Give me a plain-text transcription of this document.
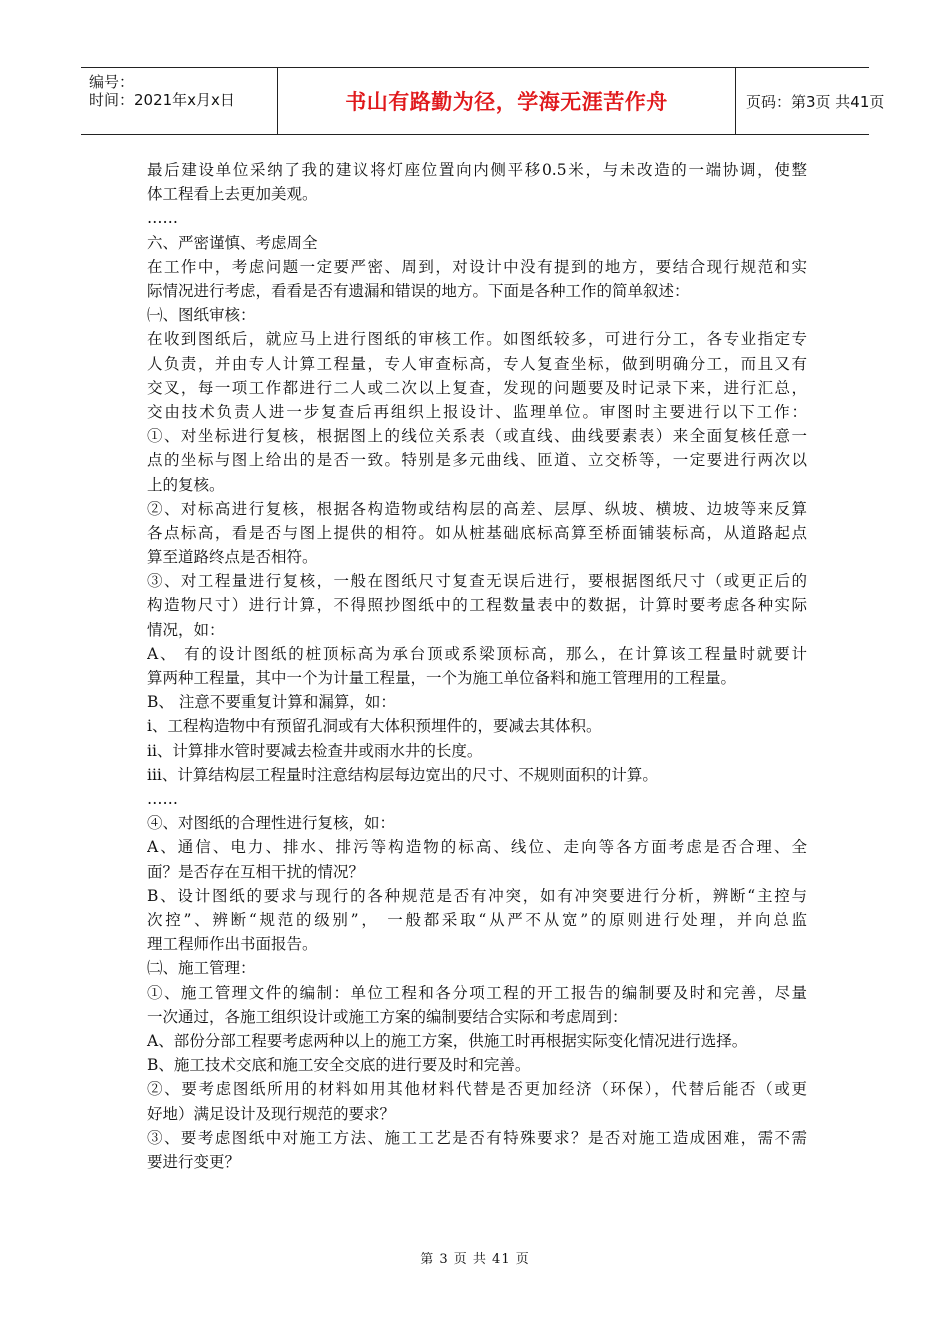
编号：
时间：2021年x月x日	书山有路勤为径，学海无涯苦作舟	页码：第3页 共41页
最后建设单位采纳了我的建议将灯座位置向内侧平移0.5米，与未改造的一端协调，使整
体工程看上去更加美观。
……
六、严密谨慎、考虑周全
在工作中，考虑问题一定要严密、周到，对设计中没有提到的地方，要结合现行规范和实
际情况进行考虑，看看是否有遗漏和错误的地方。下面是各种工作的简单叙述：
㈠、图纸审核：
在收到图纸后，就应马上进行图纸的审核工作。如图纸较多，可进行分工，各专业指定专
人负责，并由专人计算工程量，专人审查标高，专人复查坐标，做到明确分工，而且又有
交叉，每一项工作都进行二人或二次以上复查，发现的问题要及时记录下来，进行汇总，
交由技术负责人进一步复查后再组织上报设计、监理单位。审图时主要进行以下工作：
①、对坐标进行复核，根据图上的线位关系表（或直线、曲线要素表）来全面复核任意一
点的坐标与图上给出的是否一致。特别是多元曲线、匝道、立交桥等，一定要进行两次以
上的复核。
②、对标高进行复核，根据各构造物或结构层的高差、层厚、纵坡、横坡、边坡等来反算
各点标高，看是否与图上提供的相符。如从桩基础底标高算至桥面铺装标高，从道路起点
算至道路终点是否相符。
③、对工程量进行复核，一般在图纸尺寸复查无误后进行，要根据图纸尺寸（或更正后的
构造物尺寸）进行计算，不得照抄图纸中的工程数量表中的数据，计算时要考虑各种实际
情况，如：
A、 有的设计图纸的桩顶标高为承台顶或系梁顶标高，那么，在计算该工程量时就要计
算两种工程量，其中一个为计量工程量，一个为施工单位备料和施工管理用的工程量。
B、 注意不要重复计算和漏算，如：
i、工程构造物中有预留孔洞或有大体积预埋件的，要减去其体积。
ii、计算排水管时要减去检查井或雨水井的长度。
iii、计算结构层工程量时注意结构层每边宽出的尺寸、不规则面积的计算。
……
④、对图纸的合理性进行复核，如：
A、通信、电力、排水、排污等构造物的标高、线位、走向等各方面考虑是否合理、全
面？是否存在互相干扰的情况？
B、设计图纸的要求与现行的各种规范是否有冲突，如有冲突要进行分析，辨断“主控与
次控”、辨断“规范的级别”， 一般都采取“从严不从宽”的原则进行处理，并向总监
理工程师作出书面报告。
㈡、施工管理：
①、施工管理文件的编制：单位工程和各分项工程的开工报告的编制要及时和完善，尽量
一次通过，各施工组织设计或施工方案的编制要结合实际和考虑周到：
A、部份分部工程要考虑两种以上的施工方案，供施工时再根据实际变化情况进行选择。
B、施工技术交底和施工安全交底的进行要及时和完善。
②、要考虑图纸所用的材料如用其他材料代替是否更加经济（环保），代替后能否（或更
好地）满足设计及现行规范的要求？
③、要考虑图纸中对施工方法、施工工艺是否有特殊要求？是否对施工造成困难，需不需
要进行变更？
第 3 页 共 41 页
